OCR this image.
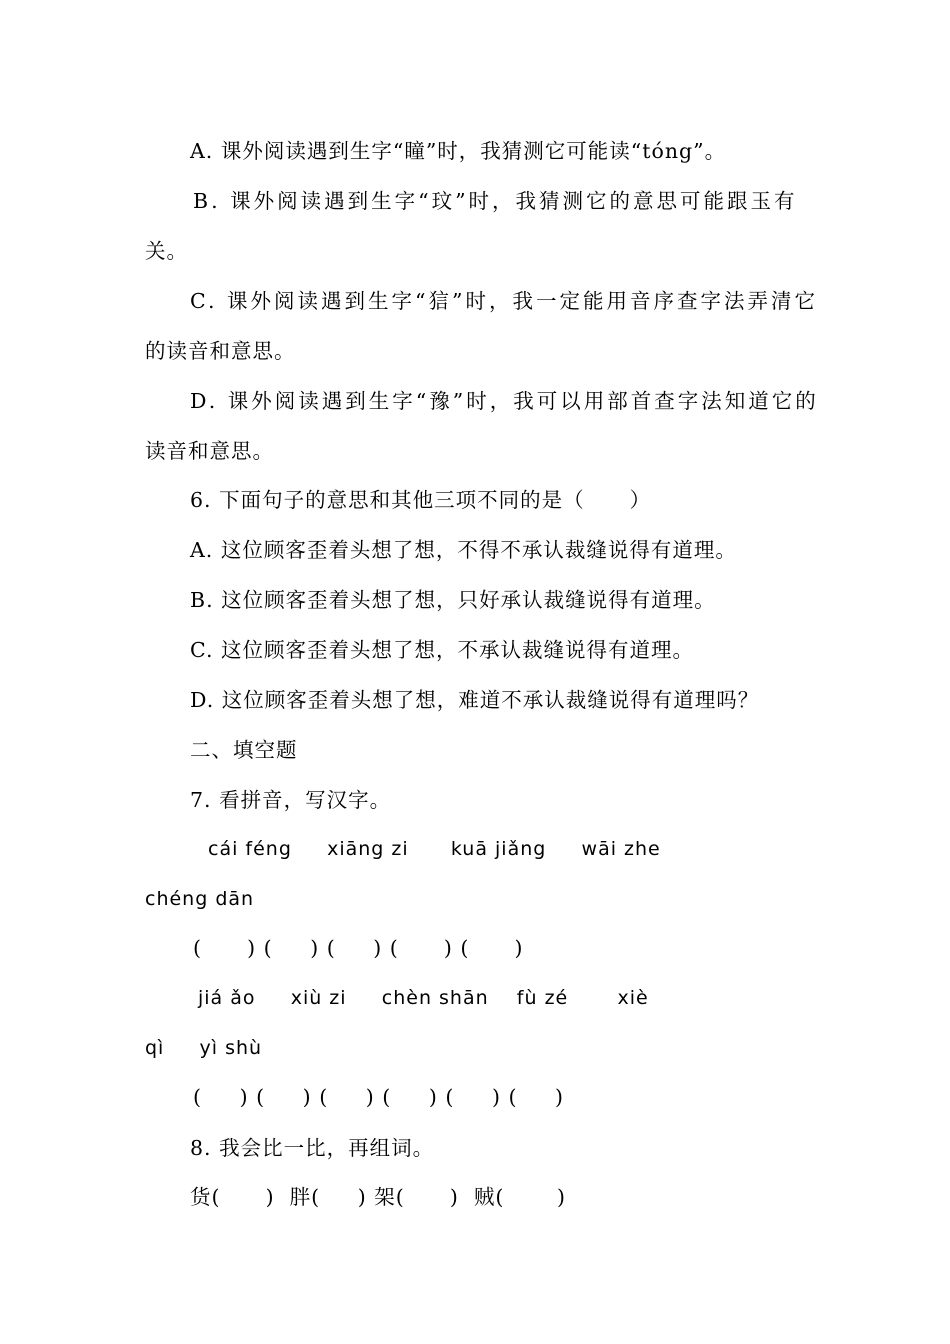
A. 课外阅读遇到生字“瞳”时，我猜测它可能读“tóng”。
B. 课外阅读遇到生字“玟”时，我猜测它的意思可能跟玉有
关。
C. 课外阅读遇到生字“狺”时，我一定能用音序查字法弄清它
的读音和意思。
D. 课外阅读遇到生字“豫”时，我可以用部首查字法知道它的
读音和意思。
6. 下面句子的意思和其他三项不同的是（      ）
A. 这位顾客歪着头想了想，不得不承认裁缝说得有道理。
B. 这位顾客歪着头想了想，只好承认裁缝说得有道理。
C. 这位顾客歪着头想了想，不承认裁缝说得有道理。
D. 这位顾客歪着头想了想，难道不承认裁缝说得有道理吗？
二、填空题
7. 看拼音，写汉字。
cái féng     xiāng zi      kuā jiǎng     wāi zhe
chéng dān
(      ) (     ) (     ) (      ) (      )
jiá ǎo     xiù zi     chèn shān    fù zé       xiè
qì     yì shù
(     ) (     ) (     ) (     ) (     ) (     )
8. 我会比一比，再组词。
货(      )  胖(     ) 架(      )  贼(       )
